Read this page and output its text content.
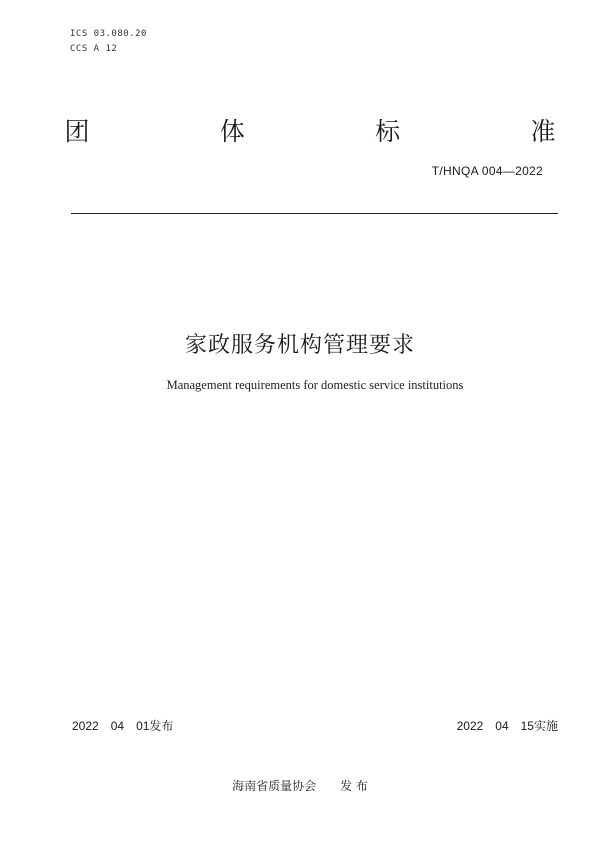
ICS 03.080.20
CCS A 12
团	体	标	准
T/HNQA 004—2022
家政服务机构管理要求
Management requirements for domestic service institutions
2022 04 01发布	2022 04 15实施
海南省质量协会 发 布
